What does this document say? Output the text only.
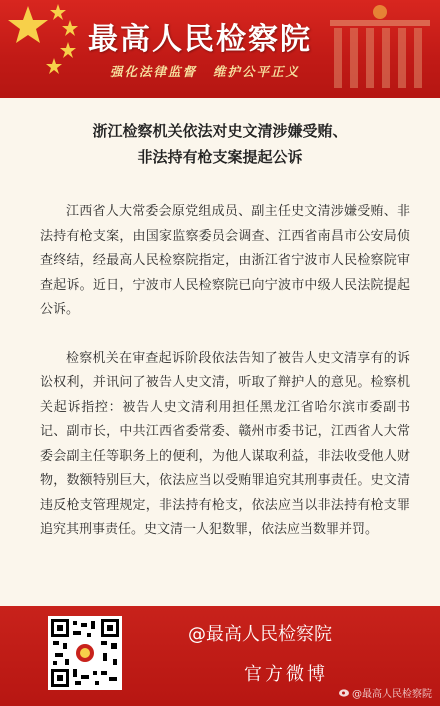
最高人民检察院
强化法律监督 维护公平正义
浙江检察机关依法对史文清涉嫌受贿、
非法持有枪支案提起公诉

江西省人大常委会原党组成员、副主任史文清涉嫌受贿、非法持有枪支案，由国家监察委员会调查、江西省南昌市公安局侦查终结，经最高人民检察院指定，由浙江省宁波市人民检察院审查起诉。近日，宁波市人民检察院已向宁波市中级人民法院提起公诉。

检察机关在审查起诉阶段依法告知了被告人史文清享有的诉讼权利，并讯问了被告人史文清，听取了辩护人的意见。检察机关起诉指控：被告人史文清利用担任黑龙江省哈尔滨市委副书记、副市长，中共江西省委常委、赣州市委书记，江西省人大常委会副主任等职务上的便利，为他人谋取利益，非法收受他人财物，数额特别巨大，依法应当以受贿罪追究其刑事责任。史文清违反枪支管理规定，非法持有枪支，依法应当以非法持有枪支罪追究其刑事责任。史文清一人犯数罪，依法应当数罪并罚。

@最高人民检察院
官方微博
@最高人民检察院
